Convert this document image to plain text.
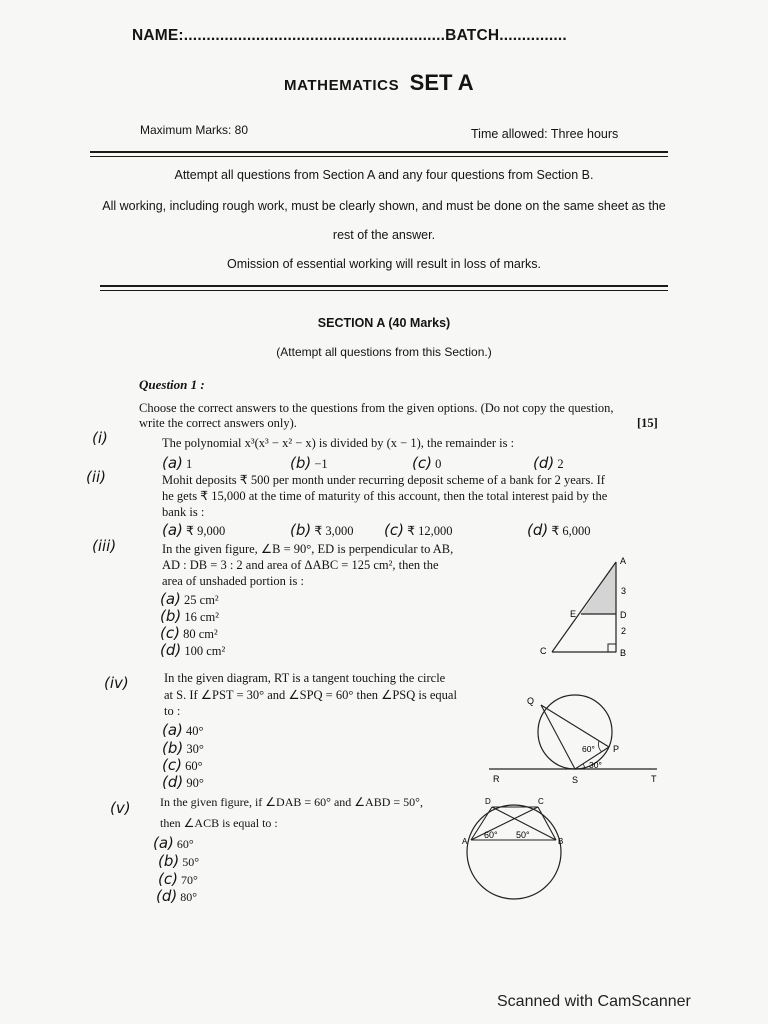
NAME:..........................................................BATCH...............
MATHEMATICS SET A
Maximum Marks: 80	Time allowed: Three hours
Attempt all questions from Section A and any four questions from Section B.
All working, including rough work, must be clearly shown, and must be done on the same sheet as the
rest of the answer.
Omission of essential working will result in loss of marks.
SECTION A (40 Marks)
(Attempt all questions from this Section.)
Question 1 :
Choose the correct answers to the questions from the given options. (Do not copy the question,
write the correct answers only).	[15]
(i)	The polynomial x³(x³ − x² − x) is divided by (x − 1), the remainder is :
(a) 1	(b) −1	(c) 0	(d) 2
(ii)	Mohit deposits ₹ 500 per month under recurring deposit scheme of a bank for 2 years. If
he gets ₹ 15,000 at the time of maturity of this account, then the total interest paid by the
bank is :
(a) ₹ 9,000	(b) ₹ 3,000 (c) ₹ 12,000	(d) ₹ 6,000
(iii)	In the given figure, ∠B = 90°, ED is perpendicular to AB,
AD : DB = 3 : 2 and area of ΔABC = 125 cm², then the
area of unshaded portion is :
(a) 25 cm²
(b) 16 cm²
(c) 80 cm²
(d) 100 cm²
A
D
B
E
C
3
2
(iv)	In the given diagram, RT is a tangent touching the circle
at S. If ∠PST = 30° and ∠SPQ = 60° then ∠PSQ is equal
to :
(a) 40°
(b) 30°
(c) 60°
(d) 90°
Q
P
60°
30°
R	S	T
(v) In the given figure, if ∠DAB = 60° and ∠ABD = 50°,
then ∠ACB is equal to :
(a) 60°
(b) 50°
(c) 70°
(d) 80°
D	C
A	B
60° 50°
Scanned with CamScanner
